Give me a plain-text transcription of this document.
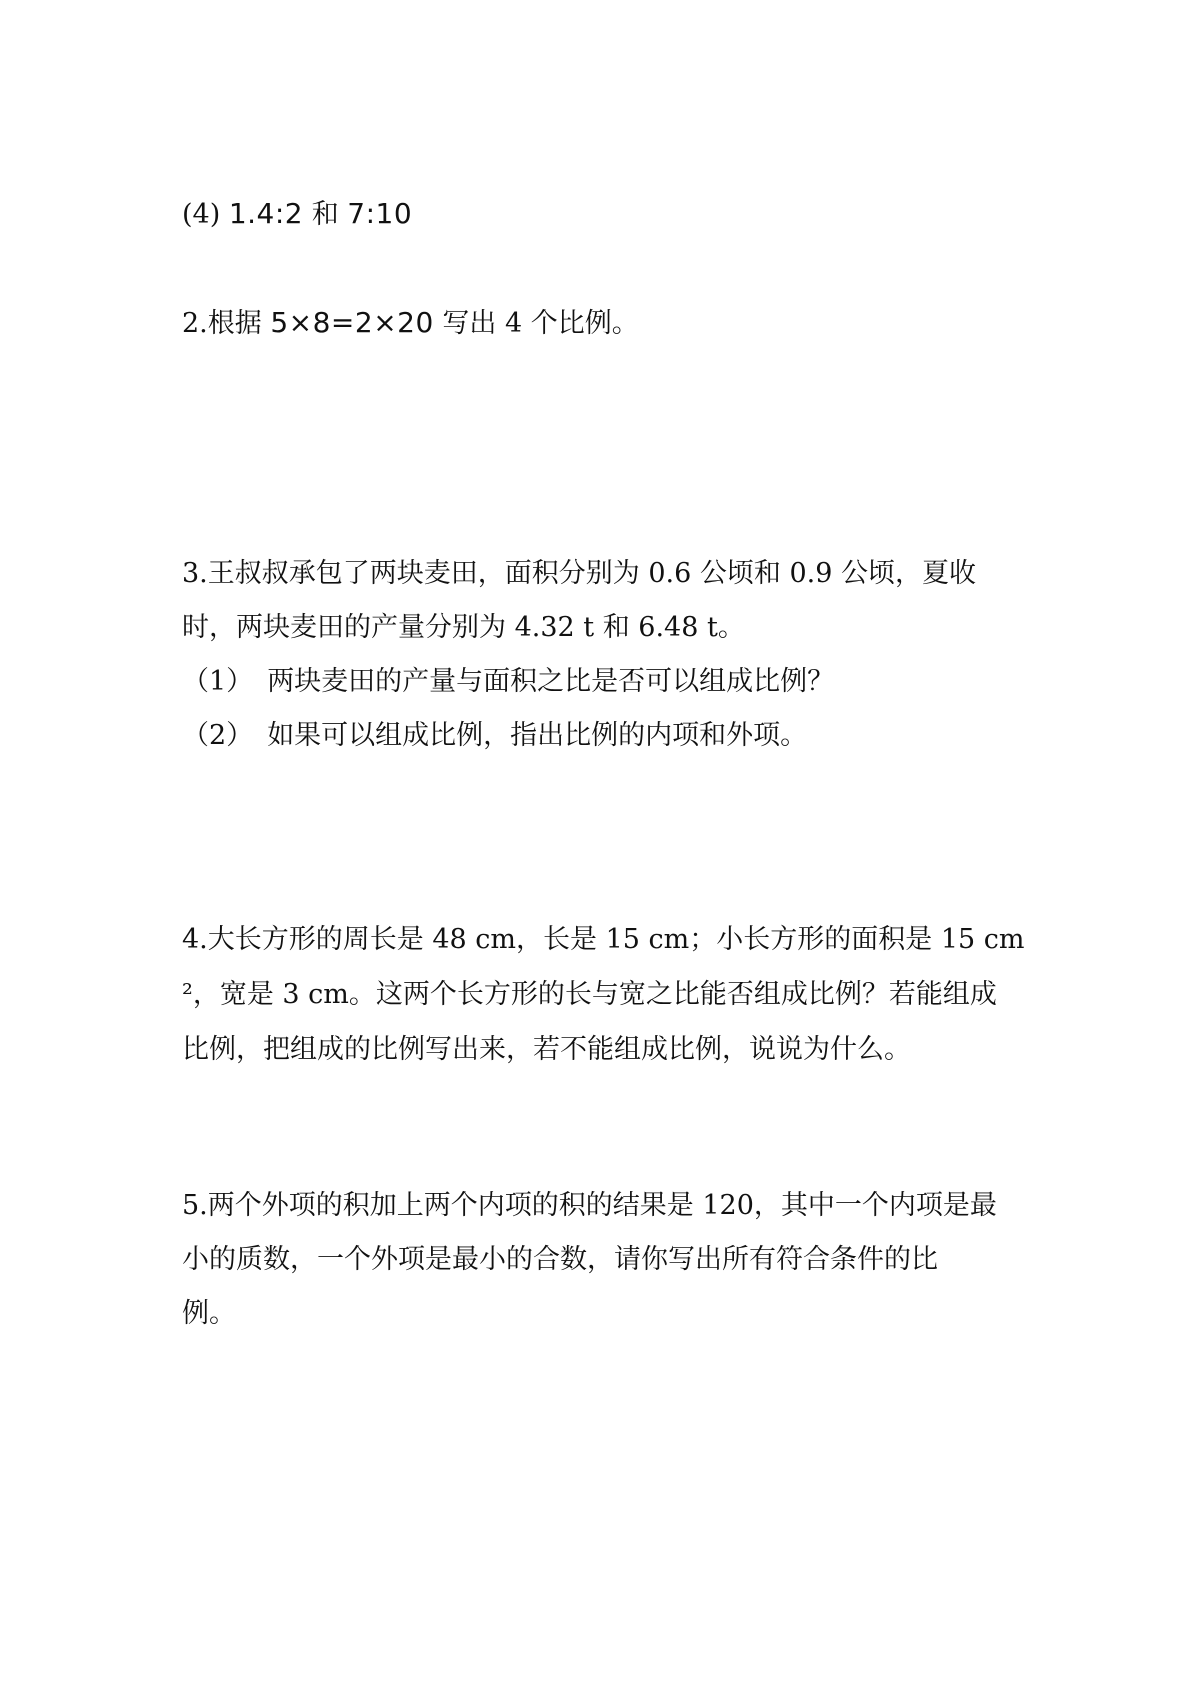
(4) 1.4:2 和 7:10
2.根据 5×8=2×20 写出 4 个比例。
3.王叔叔承包了两块麦田，面积分别为 0.6 公顷和 0.9 公顷，夏收
时，两块麦田的产量分别为 4.32 t 和 6.48 t。
（1） 两块麦田的产量与面积之比是否可以组成比例？
（2） 如果可以组成比例，指出比例的内项和外项。
4.大长方形的周长是 48 cm，长是 15 cm；小长方形的面积是 15 cm
²，宽是 3 cm。这两个长方形的长与宽之比能否组成比例？若能组成
比例，把组成的比例写出来，若不能组成比例，说说为什么。
5.两个外项的积加上两个内项的积的结果是 120，其中一个内项是最
小的质数，一个外项是最小的合数，请你写出所有符合条件的比
例。
